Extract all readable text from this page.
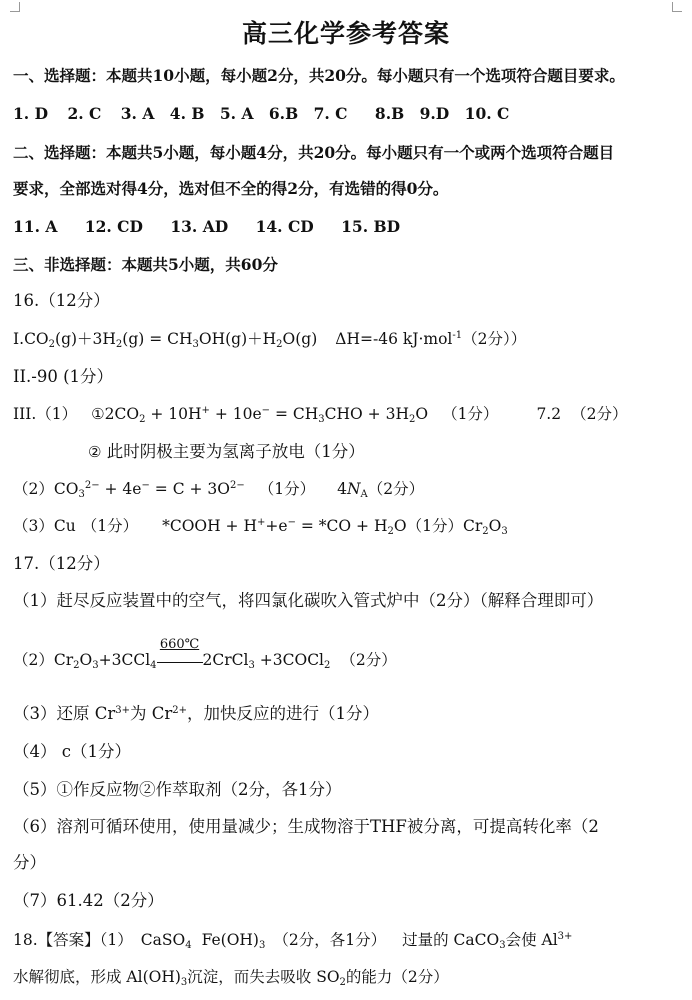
高三化学参考答案
一、选择题：本题共10小题，每小题2分，共20分。每小题只有一个选项符合题目要求。
1. D 2. C 3. A 4. B 5. A 6.B 7. C 8.B 9.D 10. C
二、选择题：本题共5小题，每小题4分，共20分。每小题只有一个或两个选项符合题目
要求，全部选对得4分，选对但不全的得2分，有选错的得0分。
11. A 12. CD 13. AD 14. CD 15. BD
三、非选择题：本题共5小题，共60分
16.（12分）
$I.CO_2(g)+3H_2(g) = CH_3OH(g)+H_2O(g)$ ΔH=-46 kJ·mol$^{-1}$（2分））
II.-90 (1分）
III.（1） $①2CO_2 + 10H^+ + 10e^- = CH_3CHO + 3H_2O$ （1分） 7.2 （2分）
② 此时阴极主要为氢离子放电（1分）
$(2)CO_3^{2-} + 4e^- = C + 3O^{2-}$ （1分） $4N_A(2$分）
（3）Cu （1分） *COOH + $H^++e^- = *CO + H_2O(1$分）$Cr_2O_3$
17.（12分）
（1）赶尽反应装置中的空气，将四氯化碳吹入管式炉中（2分）（解释合理即可）
$(2)Cr_2O_3+3CCl_4$
660℃
2CrCl$_3$ +3COCl$_2$ （2分）
（3）还原 $Cr^{3+}$为 $Cr^{2+}$，加快反应的进行（1分）
（4） c（1分）
（5）①作反应物②作萃取剂（2分，各1分）
（6）溶剂可循环使用，使用量减少；生成物溶于THF被分离，可提高转化率（2
分）
（7）61.42（2分）
18.【答案】（1） CaSO$_4$ $Fe(OH)_3$ （2分，各1分） 过量的 CaCO$_3$会使 $Al^{3+}$
水解彻底，形成 $Al(OH)_3$沉淀，而失去吸收 $SO_2$的能力（2分）
